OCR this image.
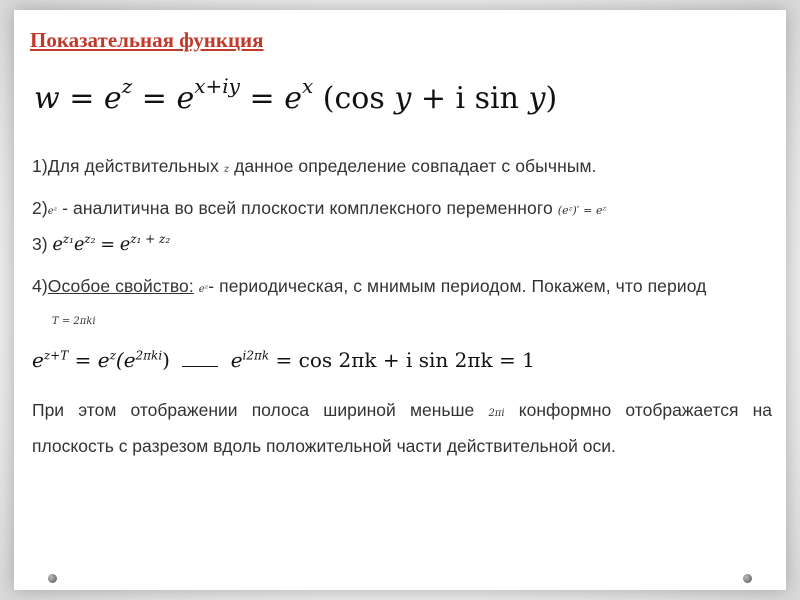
Показательная функция
$w = e^z = e^{x+iy} = e^x$ (cos y + i sin y)
1)Для действительных z данное определение совпадает с обычным.
2)eᶻ - аналитична во всей плоскости комплексного переменного (eᶻ)′ = eᶻ
3) $e^{z_1}e^{z_2} = e^{z_1 + z_2}$
4)Особое свойство: eᶻ- периодическая, с мнимым периодом. Покажем, что период
T = 2πki
$e^{z+T} = e^z(e^{2\pi ki})$	$e^{i2\pi k} = \cos 2\pi k + i$ sin 2πk = 1
При этом отображении полоса шириной меньше 2πi конформно отображается на плоскость с разрезом вдоль положительной части действительной оси.
